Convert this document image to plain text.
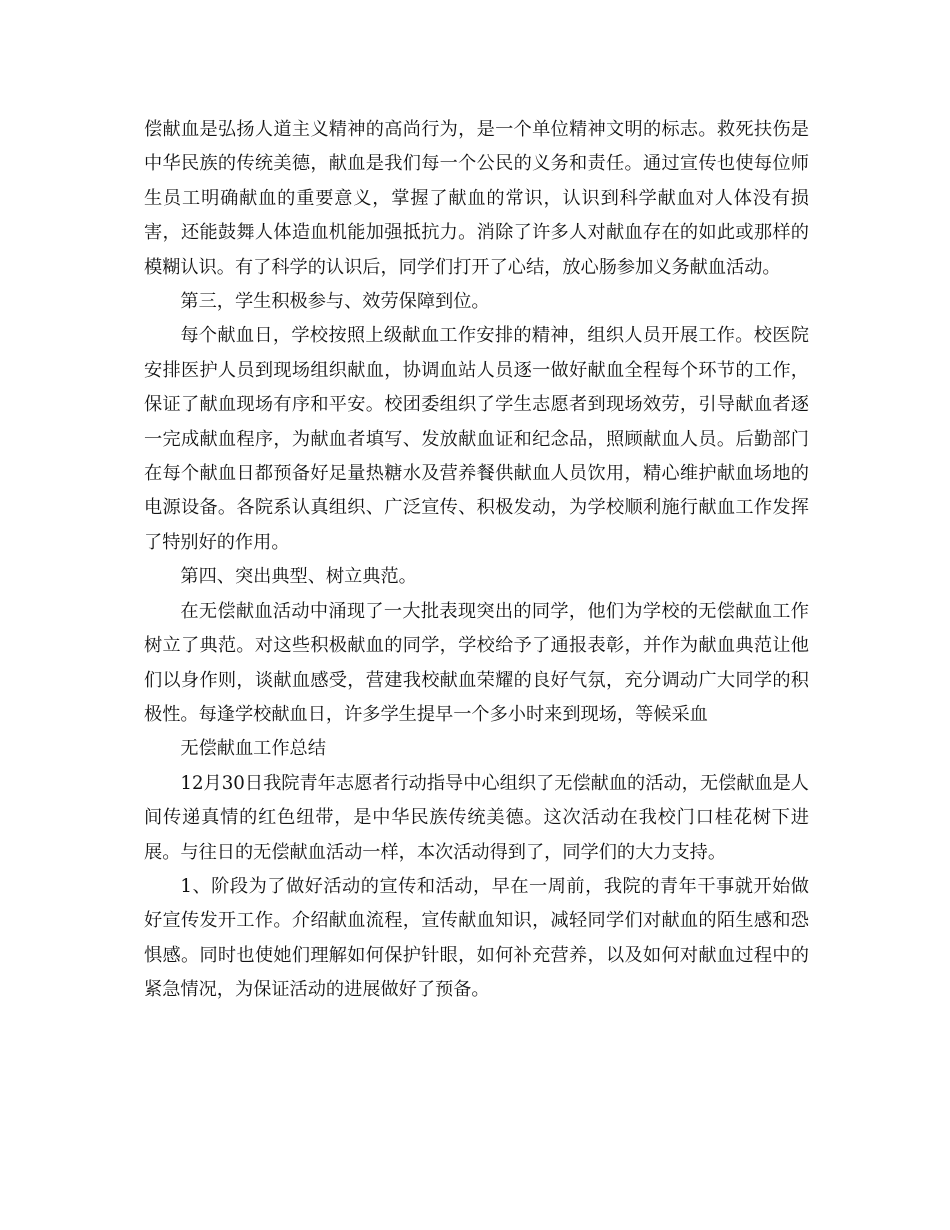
偿献血是弘扬人道主义精神的高尚行为，是一个单位精神文明的标志。救死扶伤是中华民族的传统美德，献血是我们每一个公民的义务和责任。通过宣传也使每位师生员工明确献血的重要意义，掌握了献血的常识，认识到科学献血对人体没有损害，还能鼓舞人体造血机能加强抵抗力。消除了许多人对献血存在的如此或那样的模糊认识。有了科学的认识后，同学们打开了心结，放心肠参加义务献血活动。

第三，学生积极参与、效劳保障到位。

每个献血日，学校按照上级献血工作安排的精神，组织人员开展工作。校医院安排医护人员到现场组织献血，协调血站人员逐一做好献血全程每个环节的工作，保证了献血现场有序和平安。校团委组织了学生志愿者到现场效劳，引导献血者逐一完成献血程序，为献血者填写、发放献血证和纪念品，照顾献血人员。后勤部门在每个献血日都预备好足量热糖水及营养餐供献血人员饮用，精心维护献血场地的电源设备。各院系认真组织、广泛宣传、积极发动，为学校顺利施行献血工作发挥了特别好的作用。

第四、突出典型、树立典范。

在无偿献血活动中涌现了一大批表现突出的同学，他们为学校的无偿献血工作树立了典范。对这些积极献血的同学，学校给予了通报表彰，并作为献血典范让他们以身作则，谈献血感受，营建我校献血荣耀的良好气氛，充分调动广大同学的积极性。每逢学校献血日，许多学生提早一个多小时来到现场，等候采血

无偿献血工作总结

12月30日我院青年志愿者行动指导中心组织了无偿献血的活动，无偿献血是人间传递真情的红色纽带，是中华民族传统美德。这次活动在我校门口桂花树下进展。与往日的无偿献血活动一样，本次活动得到了，同学们的大力支持。

1、阶段为了做好活动的宣传和活动，早在一周前，我院的青年干事就开始做好宣传发开工作。介绍献血流程，宣传献血知识，减轻同学们对献血的陌生感和恐惧感。同时也使她们理解如何保护针眼，如何补充营养，以及如何对献血过程中的紧急情况，为保证活动的进展做好了预备。
